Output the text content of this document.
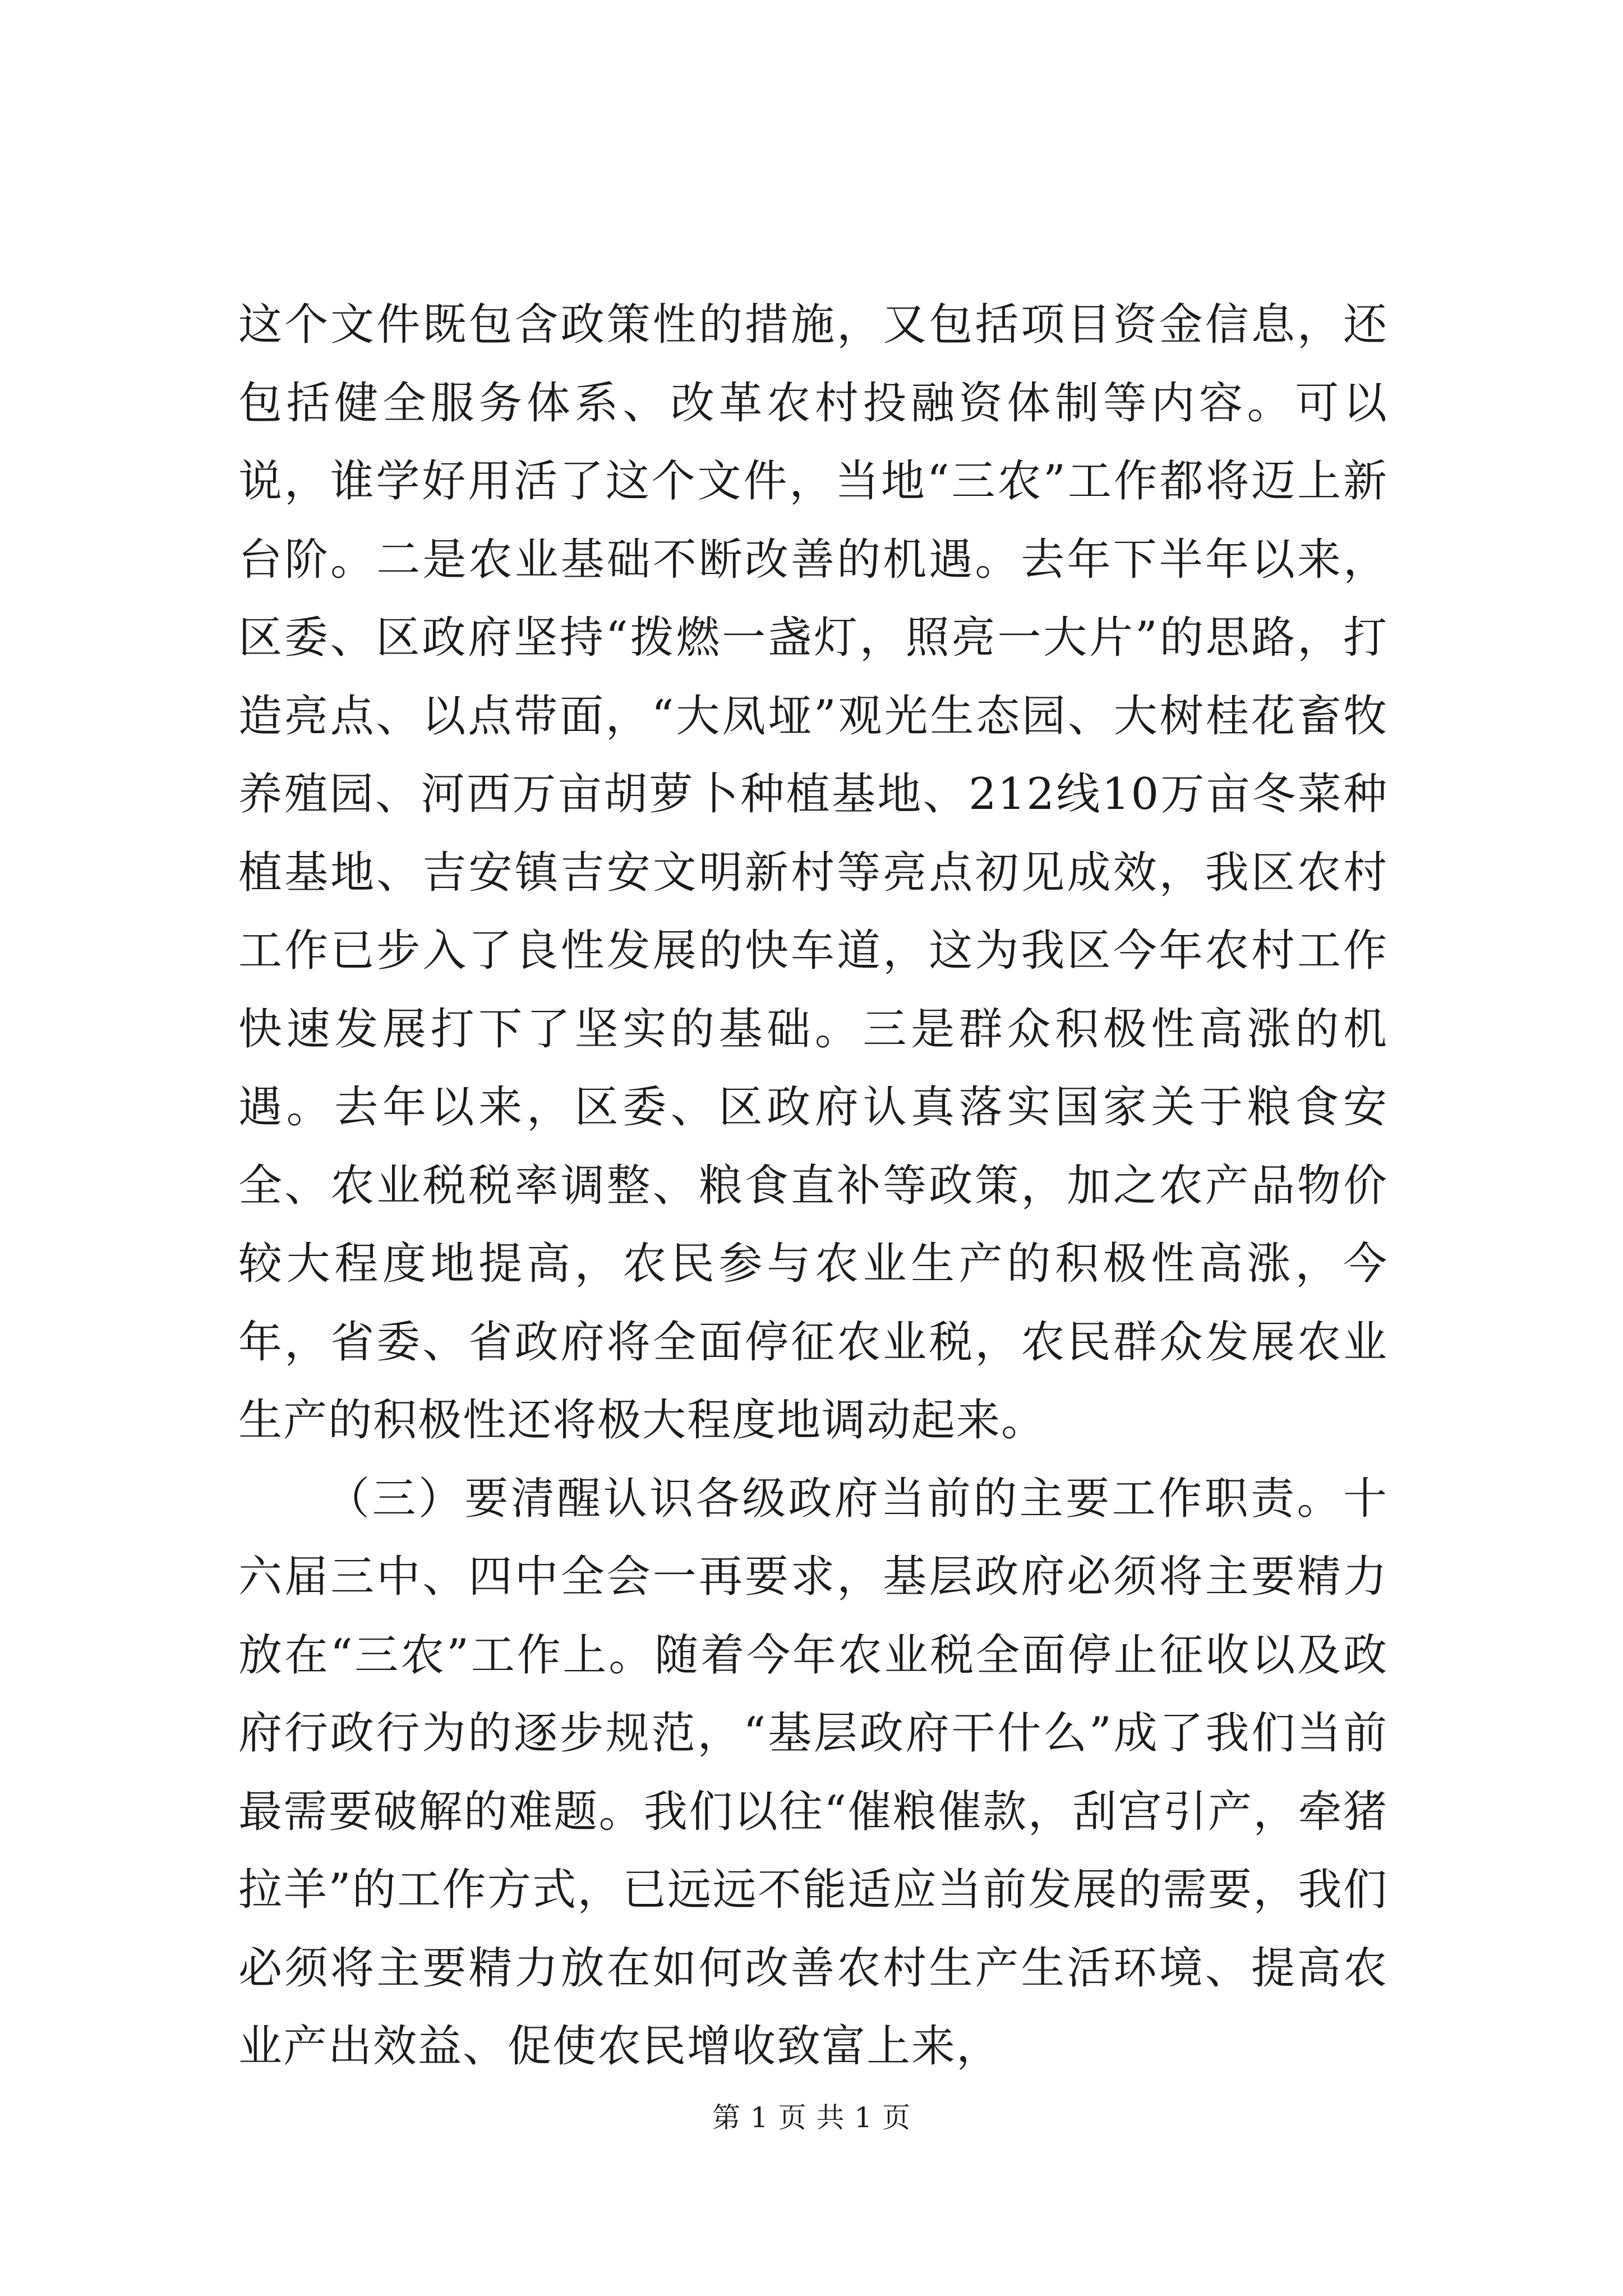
这个文件既包含政策性的措施，又包括项目资金信息，还包括健全服务体系、改革农村投融资体制等内容。可以说，谁学好用活了这个文件，当地“三农”工作都将迈上新台阶。二是农业基础不断改善的机遇。去年下半年以来，区委、区政府坚持“拨燃一盏灯，照亮一大片”的思路，打造亮点、以点带面，“大凤垭”观光生态园、大树桂花畜牧养殖园、河西万亩胡萝卜种植基地、212线10万亩冬菜种植基地、吉安镇吉安文明新村等亮点初见成效，我区农村工作已步入了良性发展的快车道，这为我区今年农村工作快速发展打下了坚实的基础。三是群众积极性高涨的机遇。去年以来，区委、区政府认真落实国家关于粮食安全、农业税税率调整、粮食直补等政策，加之农产品物价较大程度地提高，农民参与农业生产的积极性高涨，今年，省委、省政府将全面停征农业税，农民群众发展农业生产的积极性还将极大程度地调动起来。

（三）要清醒认识各级政府当前的主要工作职责。十六届三中、四中全会一再要求，基层政府必须将主要精力放在“三农”工作上。随着今年农业税全面停止征收以及政府行政行为的逐步规范，“基层政府干什么”成了我们当前最需要破解的难题。我们以往“催粮催款，刮宫引产，牵猪拉羊”的工作方式，已远远不能适应当前发展的需要，我们必须将主要精力放在如何改善农村生产生活环境、提高农业产出效益、促使农民增收致富上来，

第 1 页 共 1 页
